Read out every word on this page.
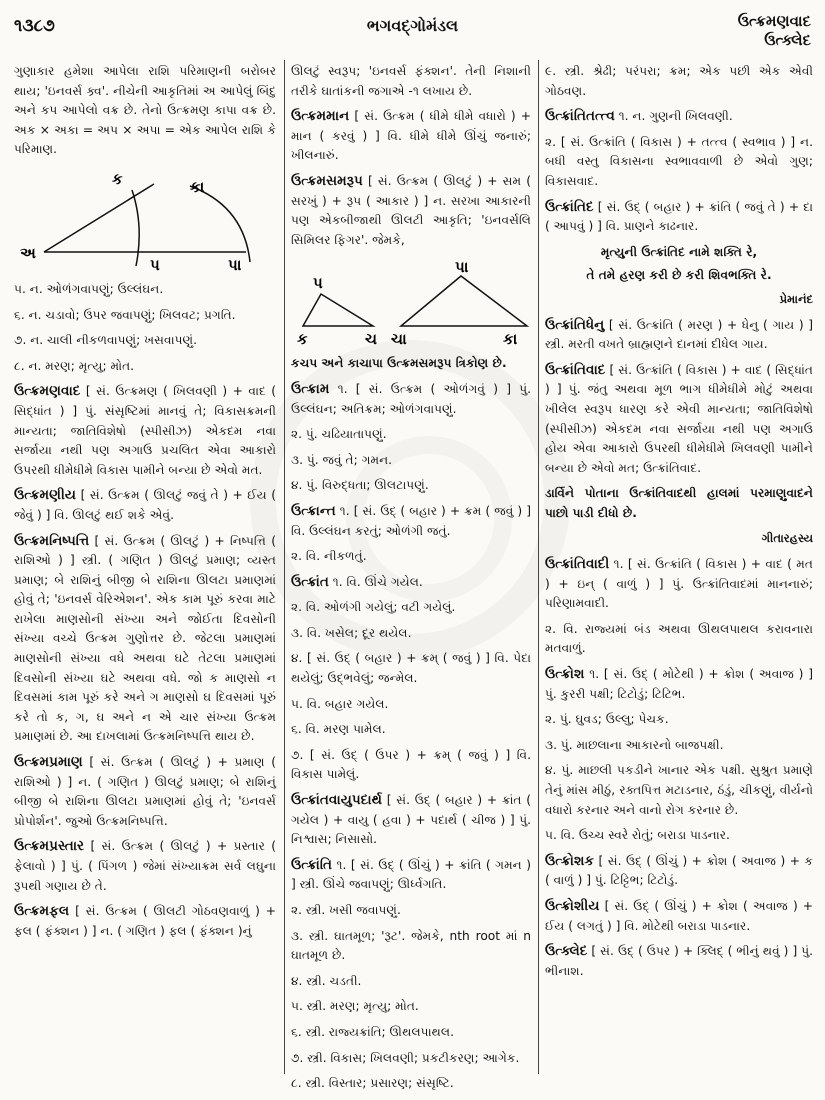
૧૩૮૭	ભગવદ્ગોમંડલ	ઉત્ક્રમણવાદ
ઉત્ક્લેદ

ગુણાકાર હમેશા આપેલા રાશિ પરિમાણની બરોબર થાય; 'ઇનવર્સ ક્ર્વ'. નીચેની આકૃતિમાં અ આપેલું બિંદુ અને કપ આપેલો વક્ર છે. તેનો ઉત્ક્રમણ કાપા વક્ર છે. અક × અકા = અપ × અપા = એક આપેલ રાશિ કે પરિમાણ.

ક	કા
અ
પ	પા

૫. ન. ઓળંગવાપણું; ઉલ્લંઘન.

૬. ન. ચડાવો; ઉપર જવાપણું; ખિલવટ; પ્રગતિ.

૭. ન. ચાલી નીકળવાપણું; ખસવાપણું.

૮. ન. મરણ; મૃત્યુ; મોત.

ઉત્ક્રમણવાદ [ સં. ઉત્ક્રમણ ( ખિલવણી ) + વાદ ( સિદ્ધાંત ) ] પું. સંસૃષ્ટિમાં માનવું તે; વિકાસક્રમની માન્યતા; જાતિવિશેષો (સ્પીસીઝ) એકદમ નવા સર્જાયા નથી પણ અગાઉ પ્રચલિત એવા આકારો ઉપરથી ધીમેધીમે વિકાસ પામીને બન્યા છે એવો મત.

ઉત્ક્રમણીય [ સં. ઉત્ક્રમ ( ઊલટું જવું તે ) + ઈય ( જેવું ) ] વિ. ઊલટું થઈ શકે એવું.

ઉત્ક્રમનિષ્પત્તિ [ સં. ઉત્ક્રમ ( ઊલટું ) + નિષ્પત્તિ ( રાશિઓ ) ] સ્ત્રી. ( ગણિત ) ઊલટું પ્રમાણ; વ્યસ્ત પ્રમાણ; બે રાશિનું બીજી બે રાશિના ઊલટા પ્રમાણમાં હોવું તે; 'ઇનવર્સ વેરિએશન'. એક કામ પૂરું કરવા માટે રાખેલા માણસોની સંખ્યા અને જોઈતા દિવસોની સંખ્યા વચ્ચે ઉત્ક્રમ ગુણોત્તર છે. જેટલા પ્રમાણમાં માણસોની સંખ્યા વધે અથવા ઘટે તેટલા પ્રમાણમાં દિવસોની સંખ્યા ઘટે અથવા વધે. જો ક માણસો ન દિવસમાં કામ પૂરું કરે અને ગ માણસો ઘ દિવસમાં પૂરું કરે તો ક, ગ, ઘ અને ન એ ચાર સંખ્યા ઉત્ક્રમ પ્રમાણમાં છે. આ દાખલામાં ઉત્ક્રમનિષ્પત્તિ થાય છે.

ઉત્ક્રમપ્રમાણ [ સં. ઉત્ક્રમ ( ઊલટું ) + પ્રમાણ ( રાશિઓ ) ] ન. ( ગણિત ) ઊલટું પ્રમાણ; બે રાશિનું બીજી બે રાશિના ઊલટા પ્રમાણમાં હોવું તે; 'ઇનવર્સ પ્રોપોર્શન'. જુઓ ઉત્ક્રમનિષ્પત્તિ.

ઉત્ક્રમપ્રસ્તાર [ સં. ઉત્ક્રમ ( ઊલટું ) + પ્રસ્તાર ( ફેલાવો ) ] પું. ( પિંગળ ) જેમાં સંખ્યાક્રમ સર્વ લઘુના રૂપથી ગણાય છે તે.

ઉત્ક્રમફલ [ સં. ઉત્ક્રમ ( ઊલટી ગોઠવણવાળું ) + ફલ ( ફંક્શન ) ] ન. ( ગણિત ) ફલ ( ફંક્શન )નું

ઊલટું સ્વરૂપ; 'ઇનવર્સ ફંક્શન'. તેની નિશાની તરીકે ઘાતાંકની જગાએ -૧ લખાય છે.

ઉત્ક્રમમાન [ સં. ઉત્ક્રમ ( ધીમે ધીમે વધારો ) + માન ( કરવું ) ] વિ. ધીમે ધીમે ઊંચું જનારું; ખીલનારું.

ઉત્ક્રમસમરૂપ [ સં. ઉત્ક્રમ ( ઊલટું ) + સમ ( સરખું ) + રૂપ ( આકાર ) ] ન. સરખા આકારની પણ એકબીજાથી ઊલટી આકૃતિ; 'ઇનવર્સલિ સિમિલર ફિગર'. જેમકે,

પ
ક	ચ
પા
ચા	કા

કચપ અને કાચાપા ઉત્ક્રમસમરૂપ ત્રિકોણ છે.

ઉત્ક્રામ ૧. [ સં. ઉત્ક્રમ ( ઓળંગવું ) ] પું. ઉલ્લંઘન; અતિક્રમ; ઓળંગવાપણું.

૨. પું. ચઢિયાતાપણું.

૩. પું. જવું તે; ગમન.

૪. પું. વિરુદ્ધતા; ઊલટાપણું.

ઉત્ક્રાન્ત ૧. [ સં. ઉદ્ ( બહાર ) + ક્રમ ( જવું ) ] વિ. ઉલ્લંઘન કરતું; ઓળંગી જતું.

૨. વિ. નીકળતું.

ઉત્ક્રાંત ૧. વિ. ઊંચે ગયેલ.

૨. વિ. ઓળંગી ગયેલું; વટી ગયેલું.

૩. વિ. ખસેલ; દૂર થયેલ.

૪. [ સં. ઉદ્ ( બહાર ) + ક્રમ્ ( જવું ) ] વિ. પેદા થયેલું; ઉદ્ભવેલું; જન્મેલ.

૫. વિ. બહાર ગયેલ.

૬. વિ. મરણ પામેલ.

૭. [ સં. ઉદ્ ( ઉપર ) + ક્રમ્ ( જવું ) ] વિ. વિકાસ પામેલું.

ઉત્ક્રાંતવાયુપદાર્થ [ સં. ઉદ્ ( બહાર ) + ક્રાંત ( ગયેલ ) + વાયુ ( હવા ) + પદાર્થ ( ચીજ ) ] પું. નિશ્વાસ; નિસાસો.

ઉત્ક્રાંતિ ૧. [ સં. ઉદ્ ( ઊંચું ) + ક્રાંતિ ( ગમન ) ] સ્ત્રી. ઊંચે જવાપણું; ઊર્ધ્વગતિ.

૨. સ્ત્રી. ખસી જવાપણું.

૩. સ્ત્રી. ઘાતમૂળ; 'રૂટ'. જેમકે, nth root માં n ઘાતમૂળ છે.

૪. સ્ત્રી. ચડતી.

૫. સ્ત્રી. મરણ; મૃત્યુ; મોત.

૬. સ્ત્રી. રાજ્યક્રાંતિ; ઊથલપાથલ.

૭. સ્ત્રી. વિકાસ; ખિલવણી; પ્રકટીકરણ; આગેક.

૮. સ્ત્રી. વિસ્તાર; પ્રસારણ; સંસૃષ્ટિ.

૯. સ્ત્રી. શ્રેઢી; પરંપરા; ક્રમ; એક પછી એક એવી ગોઠવણ.

ઉત્ક્રાંતિતત્ત્વ ૧. ન. ગુણની ખિલવણી.

૨. [ સં. ઉત્ક્રાંતિ ( વિકાસ ) + તત્ત્વ ( સ્વભાવ ) ] ન. બધી વસ્તુ વિકાસના સ્વભાવવાળી છે એવો ગુણ; વિકાસવાદ.

ઉત્ક્રાંતિદ [ સં. ઉદ્ ( બહાર ) + ક્રાંતિ ( જવું તે ) + દા ( આપવું ) ] વિ. પ્રાણને કાઢનાર.

મૃત્યુની ઉત્ક્રાંતિદ નામે શક્તિ રે,

તે તમે હરણ કરી છે કરી શિવભક્તિ રે.

પ્રેમાનંદ

ઉત્ક્રાંતિધેનુ [ સં. ઉત્ક્રાંતિ ( મરણ ) + ધેનુ ( ગાય ) ] સ્ત્રી. મરતી વખતે બ્રાહ્મણને દાનમાં દીધેલ ગાય.

ઉત્ક્રાંતિવાદ [ સં. ઉત્ક્રાંતિ ( વિકાસ ) + વાદ ( સિદ્ધાંત ) ] પું. જંતુ અથવા મૂળ ભાગ ધીમેધીમે મોટું અથવા ખીલેલ સ્વરૂપ ધારણ કરે એવી માન્યતા; જાતિવિશેષો (સ્પીસીઝ) એકદમ નવા સર્જાયા નથી પણ અગાઉ હોય એવા આકારો ઉપરથી ધીમેધીમે ખિલવણી પામીને બન્યા છે એવો મત; ઉત્ક્રાંતિવાદ.

ડાર્વિને પોતાના ઉત્ક્રાંતિવાદથી હાલમાં પરમાણુવાદને પાછો પાડી દીધો છે.

ગીતારહસ્ય

ઉત્ક્રાંતિવાદી ૧. [ સં. ઉત્ક્રાંતિ ( વિકાસ ) + વાદ ( મત ) + ઇન્ ( વાળું ) ] પું. ઉત્ક્રાંતિવાદમાં માનનારું; પરિણામવાદી.

૨. વિ. રાજ્યમાં બંડ અથવા ઊથલપાથલ કરાવનારા મતવાળું.

ઉત્ક્રોશ ૧. [ સં. ઉદ્ ( મોટેથી ) + ક્રોશ ( અવાજ ) ] પું. કુરરી પક્ષી; ટિટોડું; ટિટિભ.

૨. પું. ઘુવડ; ઉલ્લુ; પેચક.

૩. પું. માછલાના આકારનો બાજપક્ષી.

૪. પું. માછલી પકડીને ખાનાર એક પક્ષી. સુશ્રુત પ્રમાણે તેનું માંસ મીઠું, રક્તપિત્ત મટાડનાર, ઠંડું, ચીકણું, વીર્યનો વધારો કરનાર અને વાનો રોગ કરનાર છે.

૫. વિ. ઉચ્ચ સ્વરે રોતું; બરાડા પાડનાર.

ઉત્ક્રોશક [ સં. ઉદ્ ( ઊંચું ) + ક્રોશ ( અવાજ ) + ક ( વાળું ) ] પું. ટિટ્ટિભ; ટિટોડું.

ઉત્ક્રોશીય [ સં. ઉદ્ ( ઊંચું ) + ક્રોશ ( અવાજ ) + ઈય ( લગતું ) ] વિ. મોટેથી બરાડા પાડનાર.

ઉત્ક્લેદ [ સં. ઉદ્ ( ઉપર ) + ક્લિદ્ ( ભીનું થવું ) ] પું. ભીનાશ.
